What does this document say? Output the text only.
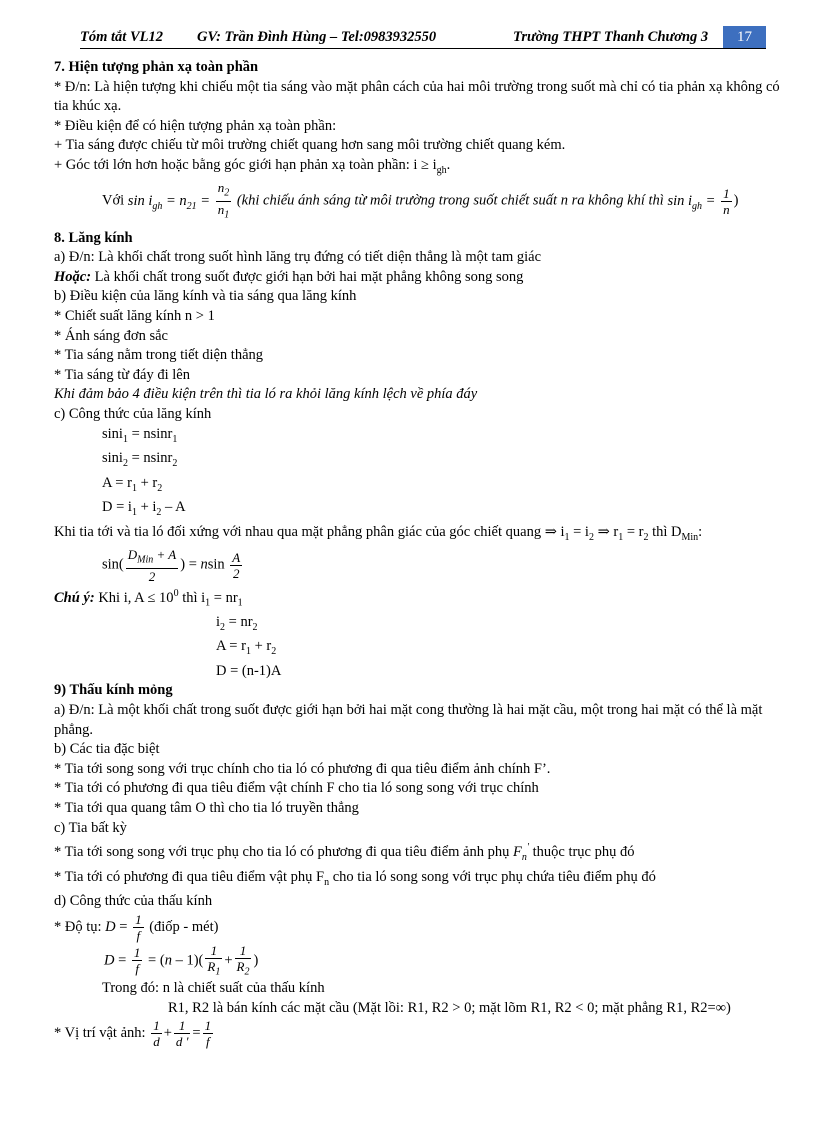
Tóm tắt VL12 GV: Trần Đình Hùng – Tel:0983932550	Trường THPT Thanh Chương 3	17

7. Hiện tượng phản xạ toàn phần

* Đ/n: Là hiện tượng khi chiếu một tia sáng vào mặt phân cách của hai môi trường trong suốt mà chỉ có tia phản xạ không có tia khúc xạ.

* Điều kiện để có hiện tượng phản xạ toàn phần:

+ Tia sáng được chiếu từ môi trường chiết quang hơn sang môi trường chiết quang kém.

+ Góc tới lớn hơn hoặc bằng góc giới hạn phản xạ toàn phần: $i \ge i_{gh}$.

Với $\sin i_{gh} = n_{21} = \frac{n_2}{n_1} (khi$ chiếu ánh sáng từ môi trường trong suốt chiết suất n ra không khí thì $\sin i_{gh} = \frac{1}{n}$ )

8. Lăng kính

a) Đ/n: Là khối chất trong suốt hình lăng trụ đứng có tiết diện thẳng là một tam giác

Hoặc: Là khối chất trong suốt được giới hạn bởi hai mặt phẳng không song song

b) Điều kiện của lăng kính và tia sáng qua lăng kính

* Chiết suất lăng kính n > 1

* Ánh sáng đơn sắc

* Tia sáng nằm trong tiết diện thẳng

* Tia sáng từ đáy đi lên

Khi đảm bảo 4 điều kiện trên thì tia ló ra khỏi lăng kính lệch về phía đáy

c) Công thức của lăng kính

sini$_1$ = nsinr$_1$

sini$_2$ = nsinr$_2$

$A = r_1 + r_2$

$D = i_1 + i_2 - A$

Khi tia tới và tia ló đối xứng với nhau qua mặt phẳng phân giác của góc chiết quang ⇒ $i_1 = i_2$ ⇒ $r_1 = r_2$ thì $D_{Min}$:

sin(
$D_{Min} + A$
2
) = nsin $\frac{A}{2}$

Chú ý: Khi i, $A \le 10^0$ thì $i_1 = nr_1$

$i_2 = nr_2$

$A = r_1 + r_2$

D = (n-1)A

9) Thấu kính mỏng

a) Đ/n: Là một khối chất trong suốt được giới hạn bởi hai mặt cong thường là hai mặt cầu, một trong hai mặt có thể là mặt phẳng.

b) Các tia đặc biệt

* Tia tới song song với trục chính cho tia ló có phương đi qua tiêu điểm ảnh chính F’.

* Tia tới có phương đi qua tiêu điểm vật chính F cho tia ló song song với trục chính

* Tia tới qua quang tâm O thì cho tia ló truyền thẳng

c) Tia bất kỳ

* Tia tới song song với trục phụ cho tia ló có phương đi qua tiêu điểm ảnh phụ $F_n'$ thuộc trục phụ đó

* Tia tới có phương đi qua tiêu điểm vật phụ $F_n$ cho tia ló song song với trục phụ chứa tiêu điểm phụ đó

d) Công thức của thấu kính

* Độ tụ: $D = \frac{1}{f}$ (điốp - mét)

$D = \frac{1}{f} = (n - 1)( \frac{1}{R_1} + \frac{1}{R_2}$ )

Trong đó: n là chiết suất của thấu kính

R1, R2 là bán kính các mặt cầu (Mặt lồi: R1, R2 > 0; mặt lõm R1, R2 < 0; mặt phẳng R1, R2=∞)

* Vị trí vật ảnh: $\frac{1}{d} + \frac{1}{d '} = \frac{1}{f}$
